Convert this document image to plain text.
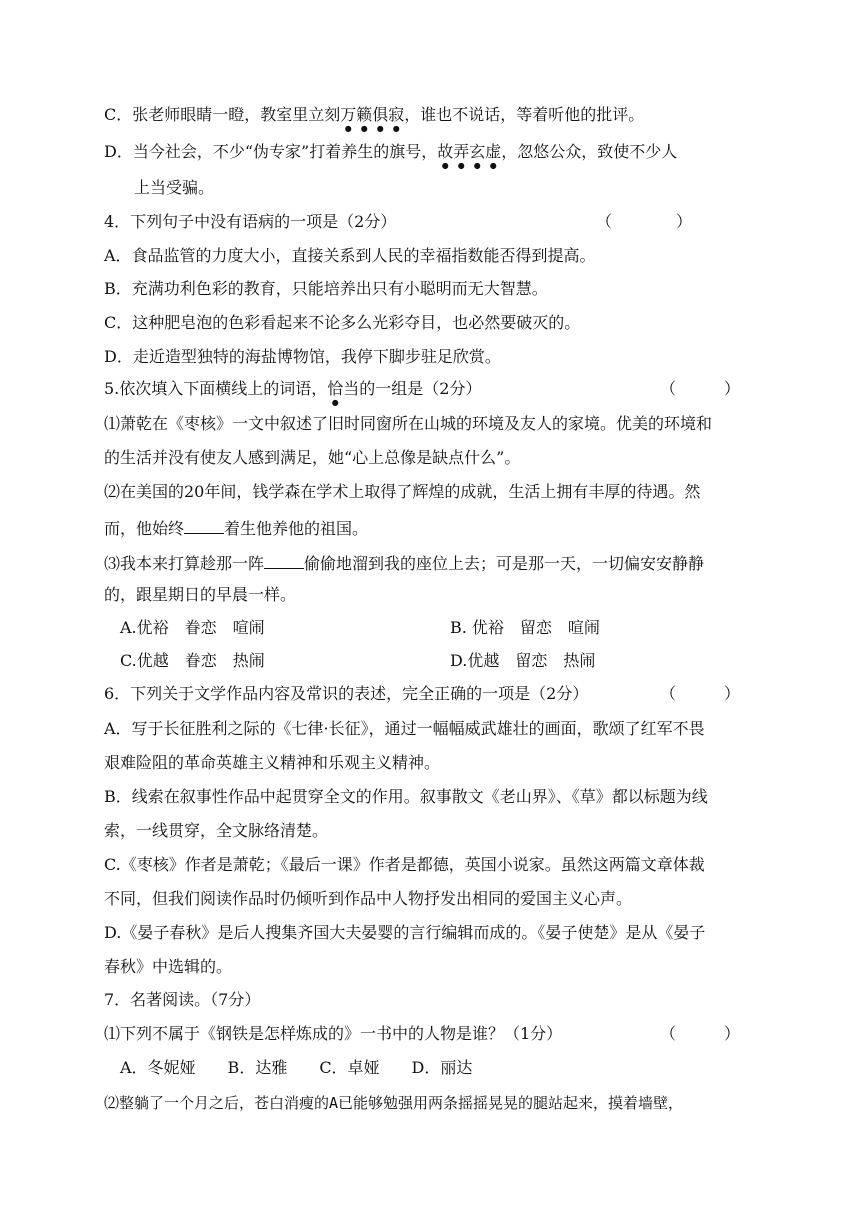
C．张老师眼睛一瞪，教室里立刻万籁俱寂，谁也不说话，等着听他的批评。
D．当今社会，不少“伪专家”打着养生的旗号，故弄玄虚，忽悠公众，致使不少人
上当受骗。
4．下列句子中没有语病的一项是（2分）	（　　　　）
A．食品监管的力度大小，直接关系到人民的幸福指数能否得到提高。
B．充满功利色彩的教育，只能培养出只有小聪明而无大智慧。
C．这种肥皂泡的色彩看起来不论多么光彩夺目，也必然要破灭的。
D．走近造型独特的海盐博物馆，我停下脚步驻足欣赏。
5.依次填入下面横线上的词语，恰当的一组是（2分）	（　　　）
⑴萧乾在《枣核》一文中叙述了旧时同窗所在山城的环境及友人的家境。优美的环境和
的生活并没有使友人感到满足，她“心上总像是缺点什么”。
⑵在美国的20年间，钱学森在学术上取得了辉煌的成就，生活上拥有丰厚的待遇。然
而，他始终	着生他养他的祖国。
⑶我本来打算趁那一阵	偷偷地溜到我的座位上去；可是那一天，一切偏安安静静
的，跟星期日的早晨一样。
A.优裕　眷恋　喧闹	B. 优裕　留恋　喧闹
C.优越　眷恋　热闹	D.优越　留恋　热闹
6．下列关于文学作品内容及常识的表述，完全正确的一项是（2分）	（　　　）
A．写于长征胜利之际的《七律·长征》，通过一幅幅威武雄壮的画面，歌颂了红军不畏
艰难险阻的革命英雄主义精神和乐观主义精神。
B．线索在叙事性作品中起贯穿全文的作用。叙事散文《老山界》、《草》都以标题为线
索，一线贯穿，全文脉络清楚。
C.《枣核》作者是萧乾；《最后一课》作者是都德，英国小说家。虽然这两篇文章体裁
不同，但我们阅读作品时仍倾听到作品中人物抒发出相同的爱国主义心声。
D.《晏子春秋》是后人搜集齐国大夫晏婴的言行编辑而成的。《晏子使楚》是从《晏子
春秋》中选辑的。
7．名著阅读。（7分）
⑴下列不属于《钢铁是怎样炼成的》一书中的人物是谁？（1分）	（　　　）
A．冬妮娅　　B．达雅　　C．卓娅　　D．丽达
⑵整躺了一个月之后，苍白消瘦的A已能够勉强用两条摇摇晃晃的腿站起来，摸着墙壁，
